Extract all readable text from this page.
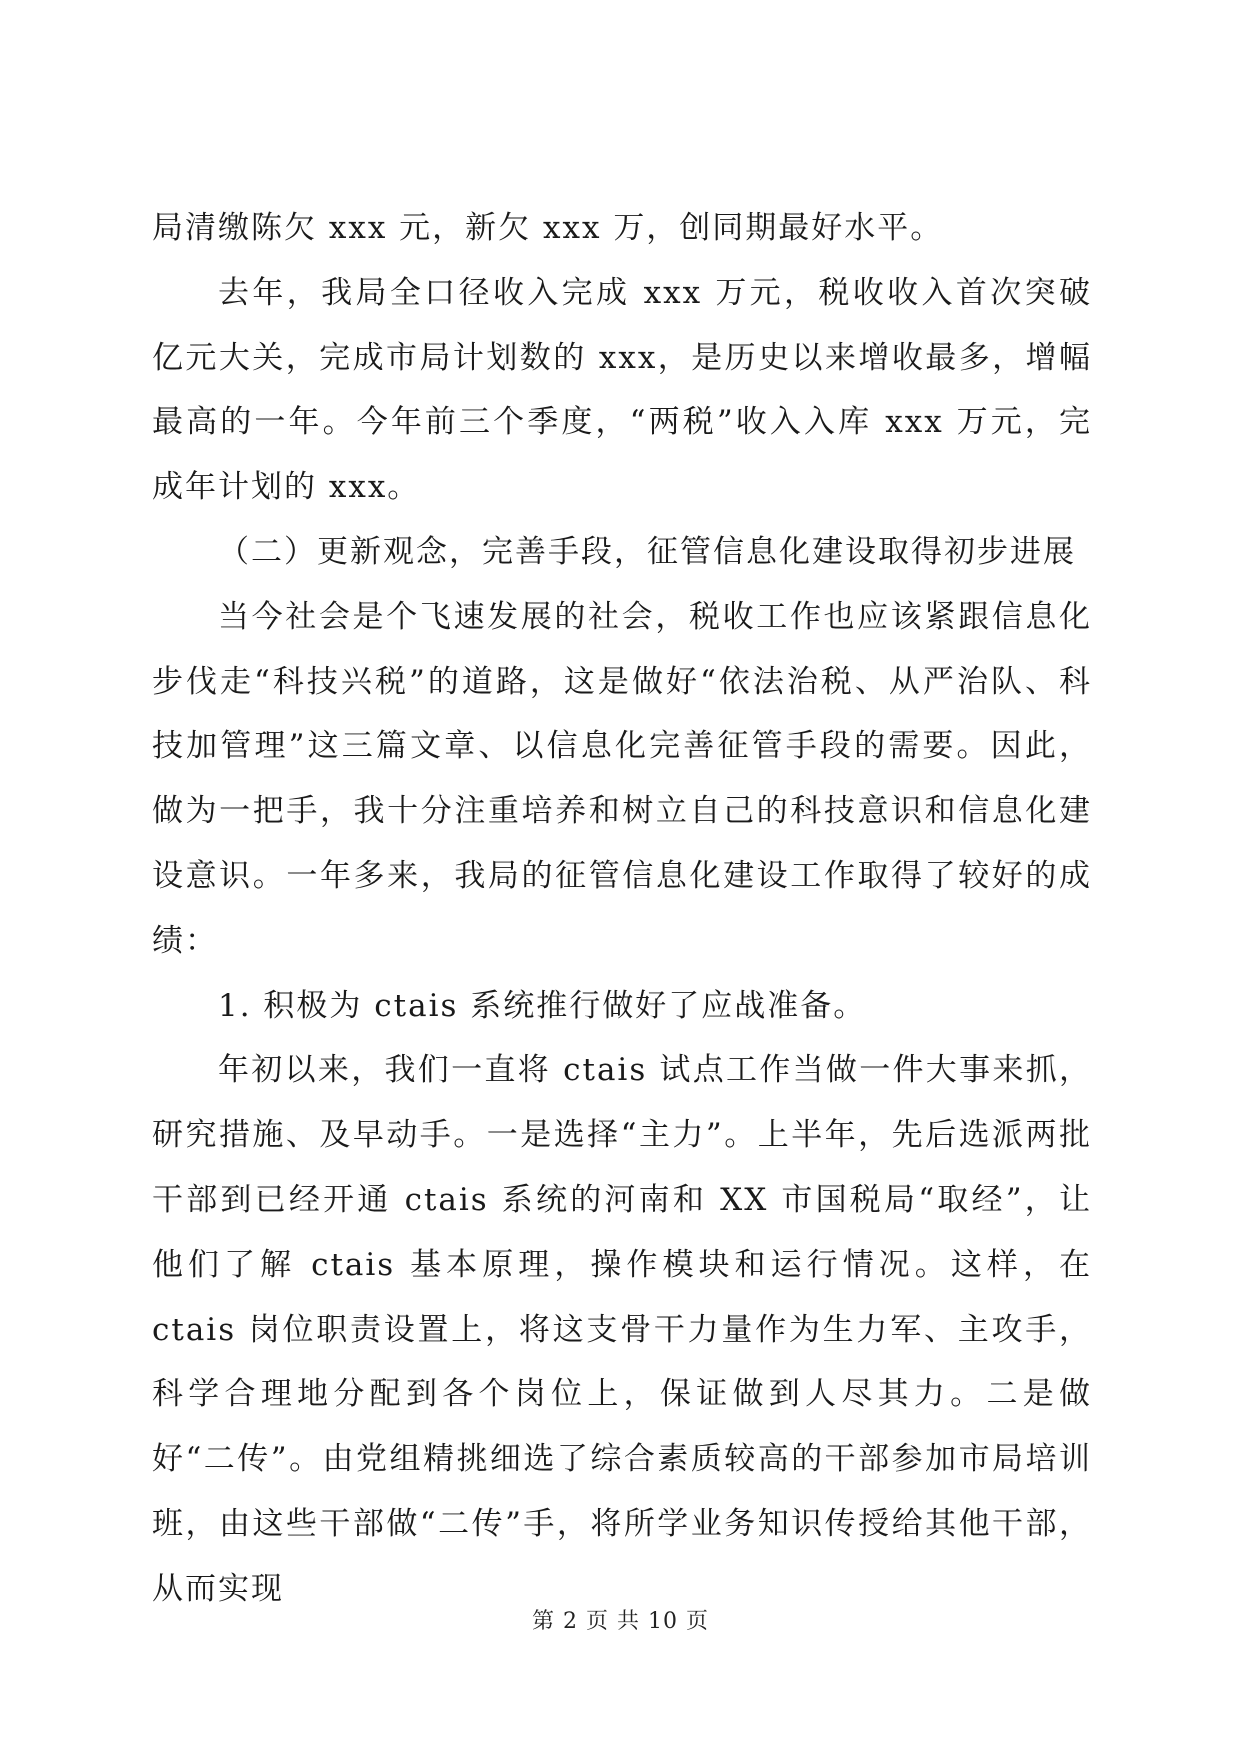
局清缴陈欠 xxx 元，新欠 xxx 万，创同期最好水平。

去年，我局全口径收入完成 xxx 万元，税收收入首次突破亿元大关，完成市局计划数的 xxx，是历史以来增收最多，增幅最高的一年。今年前三个季度，“两税”收入入库 xxx 万元，完成年计划的 xxx。

（二）更新观念，完善手段，征管信息化建设取得初步进展

当今社会是个飞速发展的社会，税收工作也应该紧跟信息化步伐走“科技兴税”的道路，这是做好“依法治税、从严治队、科技加管理”这三篇文章、以信息化完善征管手段的需要。因此，做为一把手，我十分注重培养和树立自己的科技意识和信息化建设意识。一年多来，我局的征管信息化建设工作取得了较好的成绩：

1. 积极为 ctais 系统推行做好了应战准备。

年初以来，我们一直将 ctais 试点工作当做一件大事来抓，研究措施、及早动手。一是选择“主力”。上半年，先后选派两批干部到已经开通 ctais 系统的河南和 XX 市国税局“取经”，让他们了解 ctais 基本原理，操作模块和运行情况。这样，在 ctais 岗位职责设置上，将这支骨干力量作为生力军、主攻手，科学合理地分配到各个岗位上，保证做到人尽其力。二是做好“二传”。由党组精挑细选了综合素质较高的干部参加市局培训班，由这些干部做“二传”手，将所学业务知识传授给其他干部，从而实现

第 2 页 共 10 页
